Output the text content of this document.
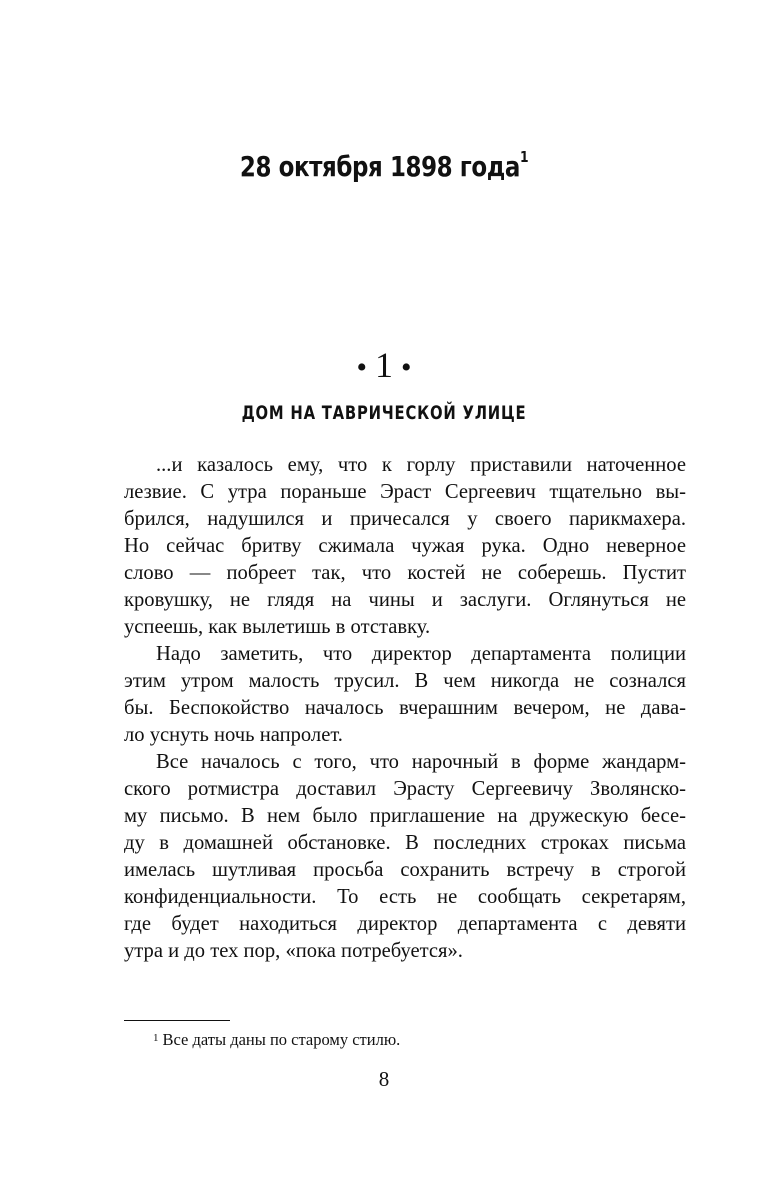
28 октября 1898 года$^1$
• 1 •
ДОМ НА ТАВРИЧЕСКОЙ УЛИЦЕ
...и казалось ему, что к горлу приставили наточенное
лезвие. С утра пораньше Эраст Сергеевич тщательно вы-
брился, надушился и причесался у своего парикмахера.
Но сейчас бритву сжимала чужая рука. Одно неверное
слово — побреет так, что костей не соберешь. Пустит
кровушку, не глядя на чины и заслуги. Оглянуться не
успеешь, как вылетишь в отставку.
Надо заметить, что директор департамента полиции
этим утром малость трусил. В чем никогда не сознался
бы. Беспокойство началось вчерашним вечером, не дава-
ло уснуть ночь напролет.
Все началось с того, что нарочный в форме жандарм-
ского ротмистра доставил Эрасту Сергеевичу Зволянско-
му письмо. В нем было приглашение на дружескую бесе-
ду в домашней обстановке. В последних строках письма
имелась шутливая просьба сохранить встречу в строгой
конфиденциальности. То есть не сообщать секретарям,
где будет находиться директор департамента с девяти
утра и до тех пор, «пока потребуется».
$^1$ Все даты даны по старому стилю.
8
